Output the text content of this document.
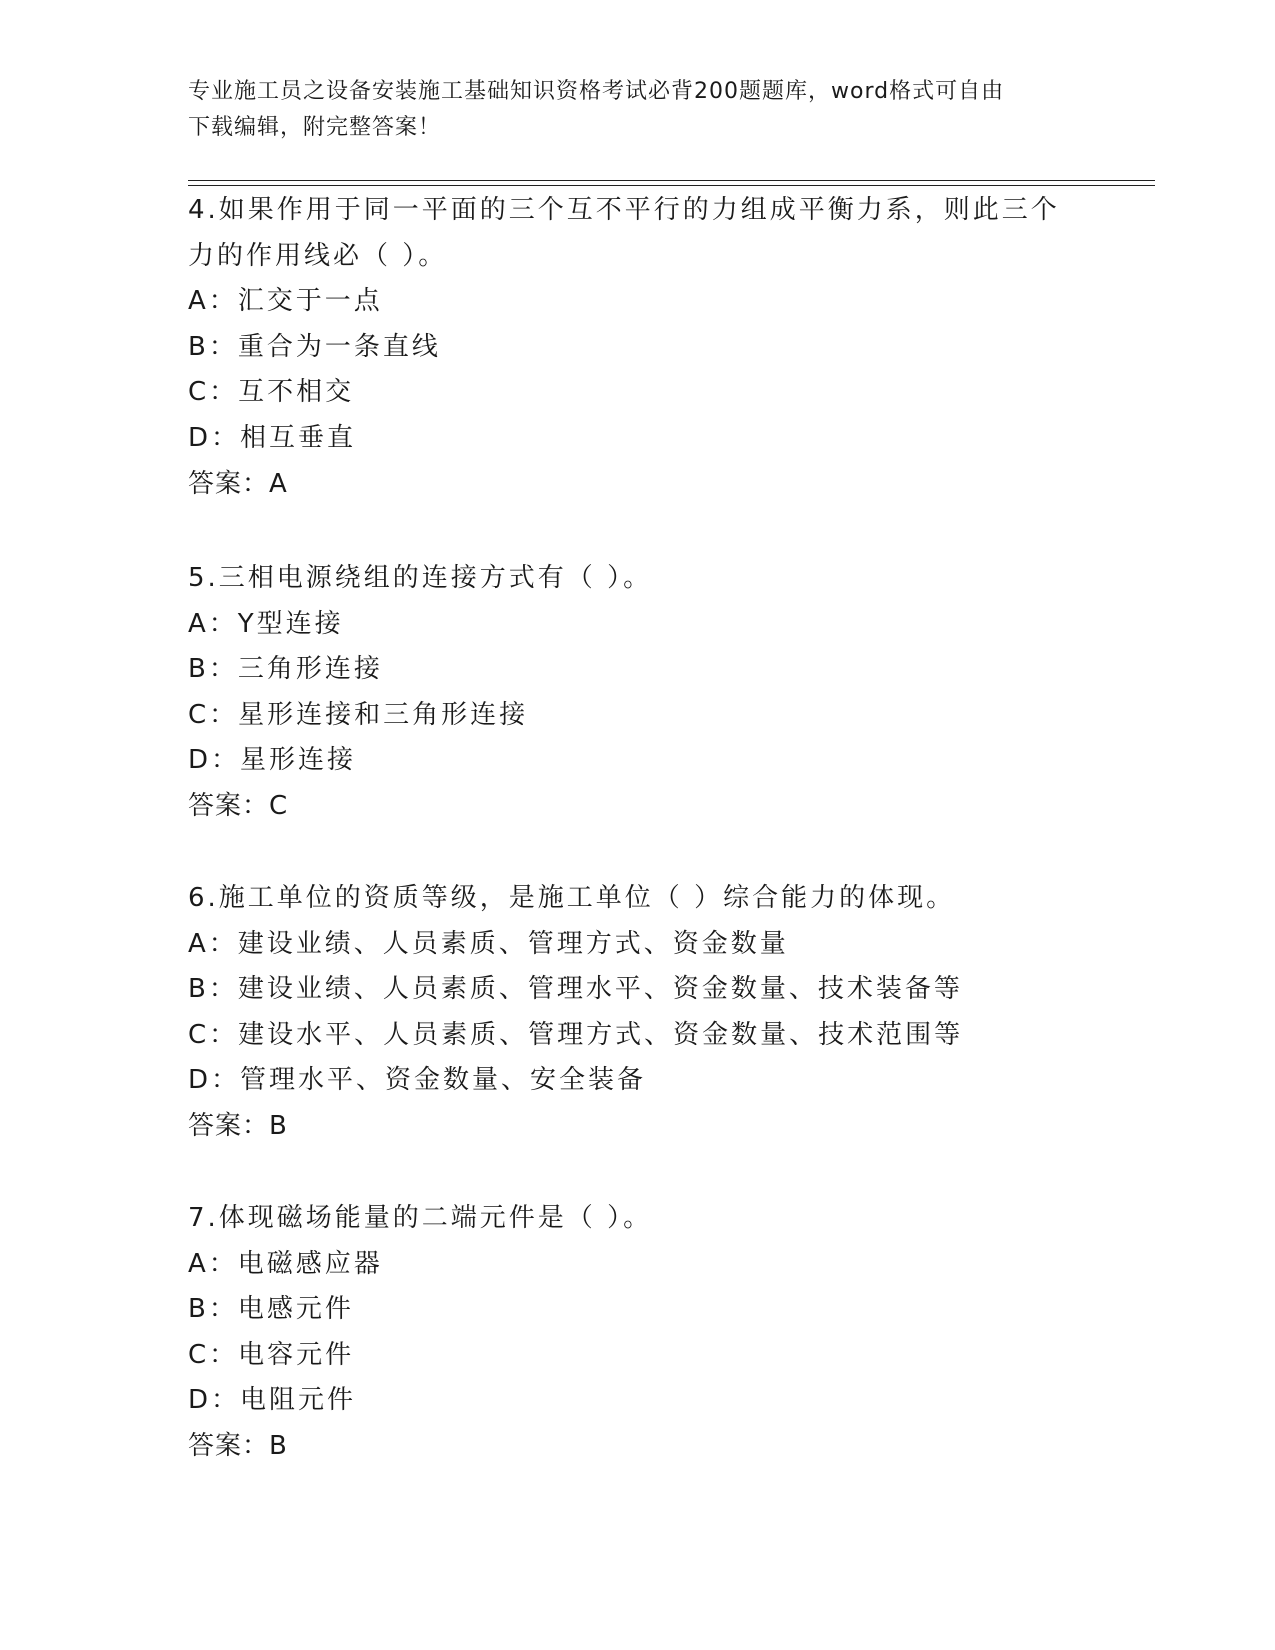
专业施工员之设备安装施工基础知识资格考试必背200题题库，word格式可自由
下载编辑，附完整答案！
4.如果作用于同一平面的三个互不平行的力组成平衡力系，则此三个力的作用线必（ ）。
A：汇交于一点
B：重合为一条直线
C：互不相交
D：相互垂直
答案：A
5.三相电源绕组的连接方式有（ ）。
A：Y型连接
B：三角形连接
C：星形连接和三角形连接
D：星形连接
答案：C
6.施工单位的资质等级，是施工单位（ ）综合能力的体现。
A：建设业绩、人员素质、管理方式、资金数量
B：建设业绩、人员素质、管理水平、资金数量、技术装备等
C：建设水平、人员素质、管理方式、资金数量、技术范围等
D：管理水平、资金数量、安全装备
答案：B
7.体现磁场能量的二端元件是（ ）。
A：电磁感应器
B：电感元件
C：电容元件
D：电阻元件
答案：B
